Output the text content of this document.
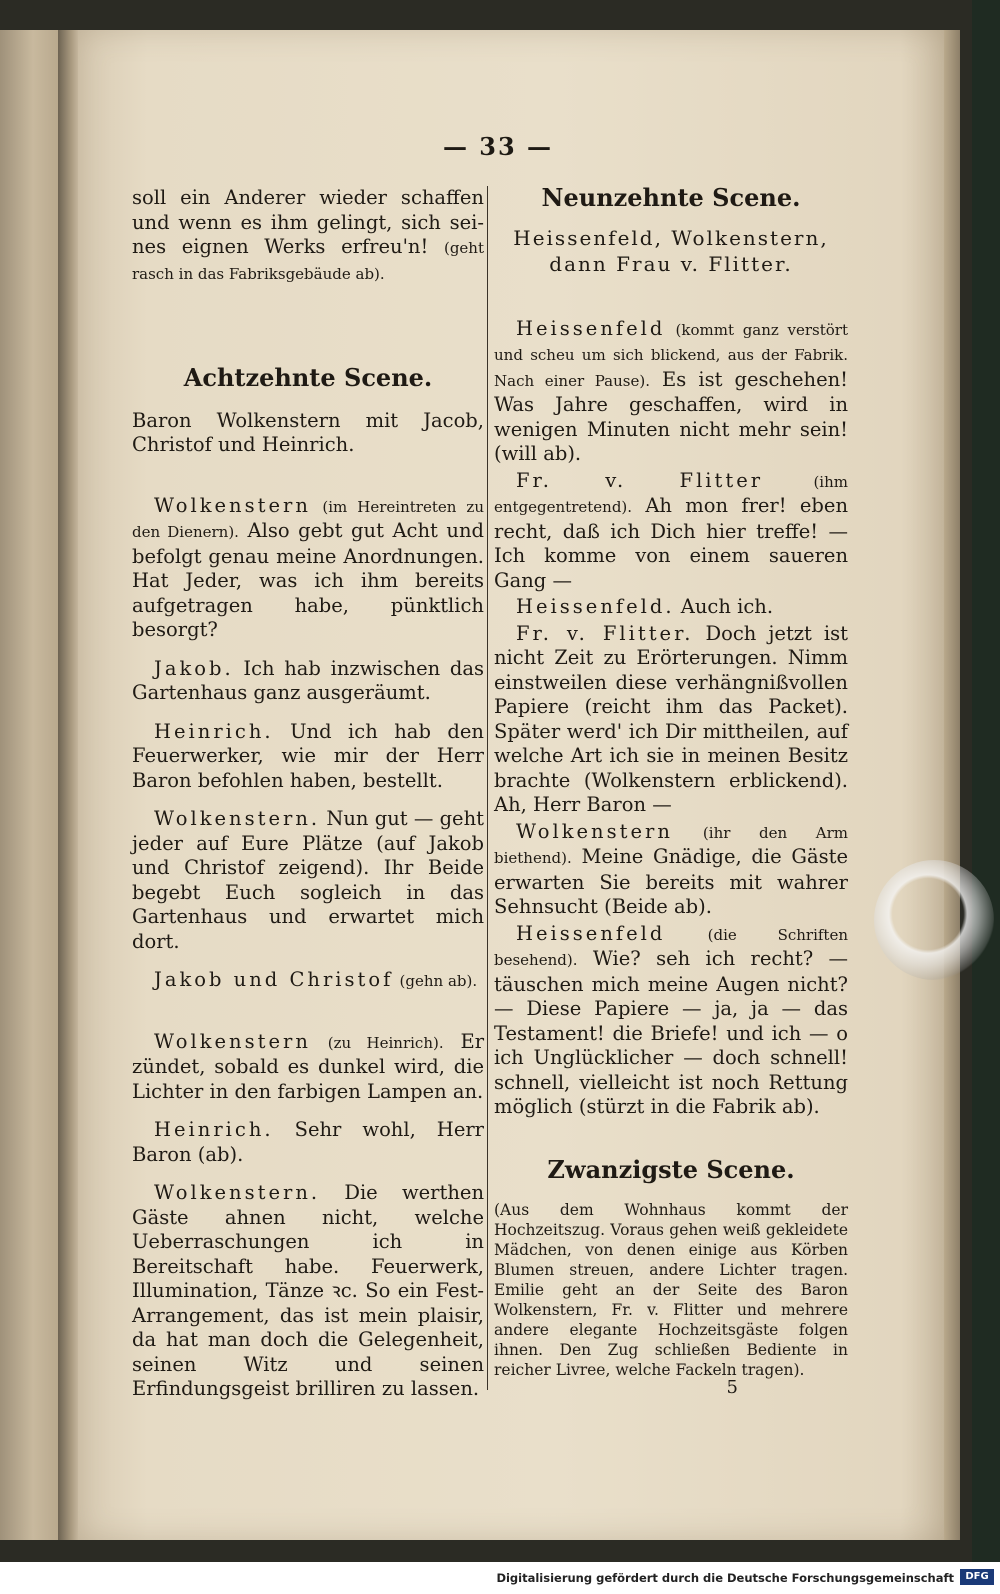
— 33 —

soll ein Anderer wieder schaffen und wenn es ihm gelingt, sich sei-nes eignen Werks erfreu'n! (geht rasch in das Fabriksgebäude ab).

Achtzehnte Scene.

Baron Wolkenstern mit Jacob, Christof und Heinrich.

Wolkenstern (im Hereintreten zu den Dienern). Also gebt gut Acht und befolgt genau meine Anordnungen. Hat Jeder, was ich ihm bereits aufgetragen habe, pünktlich besorgt?

Jakob. Ich hab inzwischen das Gartenhaus ganz ausgeräumt.

Heinrich. Und ich hab den Feuerwerker, wie mir der Herr Baron befohlen haben, bestellt.

Wolkenstern. Nun gut — geht jeder auf Eure Plätze (auf Jakob und Christof zeigend). Ihr Beide begebt Euch sogleich in das Gartenhaus und erwartet mich dort.

Jakob und Christof (gehn ab).

Wolkenstern (zu Heinrich). Er zündet, sobald es dunkel wird, die Lichter in den farbigen Lampen an.

Heinrich. Sehr wohl, Herr Baron (ab).

Wolkenstern. Die werthen Gäste ahnen nicht, welche Ueberraschungen ich in Bereitschaft habe. Feuerwerk, Illumination, Tänze ꝛc. So ein Fest-Arrangement, das ist mein plaisir, da hat man doch die Gelegenheit, seinen Witz und seinen Erfindungsgeist brilliren zu lassen.

Neunzehnte Scene.
Heissenfeld, Wolkenstern, dann Frau v. Flitter.

Heissenfeld (kommt ganz verstört und scheu um sich blickend, aus der Fabrik. Nach einer Pause). Es ist geschehen! Was Jahre geschaffen, wird in wenigen Minuten nicht mehr sein! (will ab).

Fr. v. Flitter	(ihm entgegentretend). Ah mon frer! eben recht, daß ich Dich hier treffe! — Ich komme von einem saueren Gang —

Heissenfeld. Auch ich.

Fr. v. Flitter. Doch jetzt ist nicht Zeit zu Erörterungen. Nimm einstweilen diese verhängnißvollen Papiere (reicht ihm das Packet). Später werd' ich Dir mittheilen, auf welche Art ich sie in meinen Besitz brachte (Wolkenstern erblickend). Ah, Herr Baron —

Wolkenstern (ihr den Arm biethend). Meine Gnädige, die Gäste erwarten Sie bereits mit wahrer Sehnsucht (Beide ab).

Heissenfeld	(die Schriften besehend). Wie? seh ich recht? — täuschen mich meine Augen nicht? — Diese Papiere — ja, ja — das Testament! die Briefe! und ich — o ich Unglücklicher — doch schnell! schnell, vielleicht ist noch Rettung möglich (stürzt in die Fabrik ab).

Zwanzigste Scene.
(Aus dem Wohnhaus kommt der Hochzeitszug. Voraus gehen weiß gekleidete Mädchen, von denen einige aus Körben Blumen streuen, andere Lichter tragen. Emilie geht an der Seite des Baron Wolkenstern, Fr. v. Flitter und mehrere andere elegante Hochzeitsgäste folgen ihnen. Den Zug schließen Bediente in reicher Livree, welche Fackeln tragen).
5
Digitalisierung gefördert durch die Deutsche Forschungsgemeinschaft	DFG
